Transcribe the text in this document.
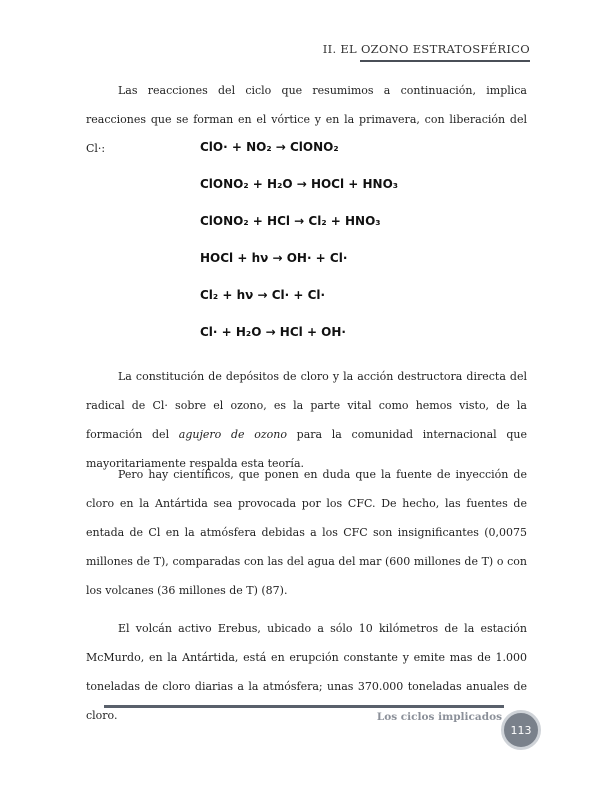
II. EL OZONO ESTRATOSFÉRICO
Las reacciones del ciclo que resumimos a continuación, implica reacciones que se forman en el vórtice y en la primavera, con liberación del Cl·:	ClO· + NO₂ → ClONO₂
ClONO₂ + H₂O → HOCl + HNO₃
ClONO₂ + HCl → Cl₂ + HNO₃
HOCl + hν → OH· + Cl·
Cl₂ + hν → Cl· + Cl·
Cl· + H₂O → HCl + OH·
La constitución de depósitos de cloro y la acción destructora directa del radical de Cl· sobre el ozono, es la parte vital como hemos visto, de la formación del agujero de ozono para la comunidad internacional que mayoritariamente respalda esta teoría.
Pero hay científicos, que ponen en duda que la fuente de inyección de cloro en la Antártida sea provocada por los CFC. De hecho, las fuentes de entada de Cl en la atmósfera debidas a los CFC son insignificantes (0,0075 millones de T), comparadas con las del agua del mar (600 millones de T) o con los volcanes (36 millones de T) (87).
El volcán activo Erebus, ubicado a sólo 10 kilómetros de la estación McMurdo, en la Antártida, está en erupción constante y emite mas de 1.000 toneladas de cloro diarias a la atmósfera; unas 370.000 toneladas anuales de cloro.	Los ciclos implicados
113
